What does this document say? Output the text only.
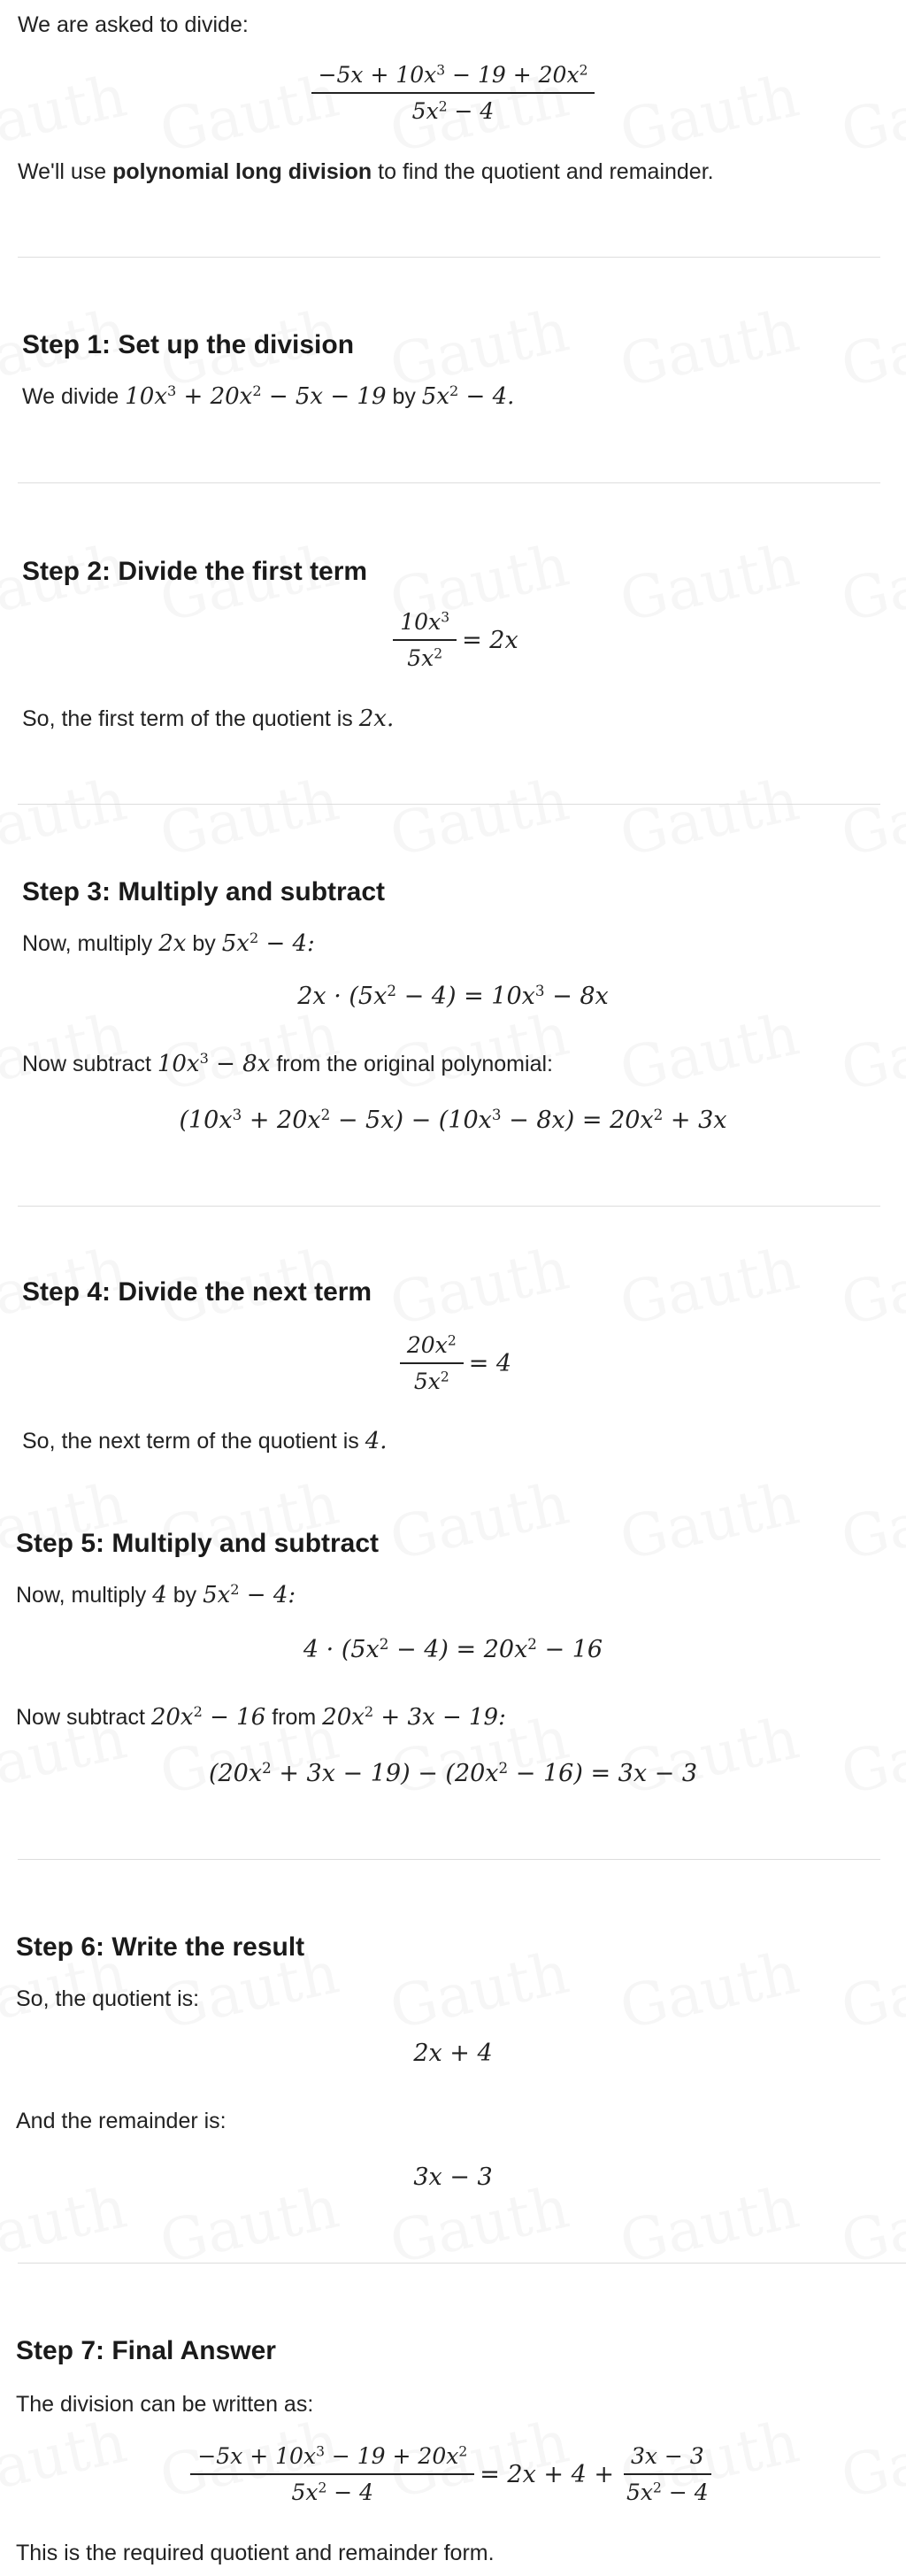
We are asked to divide:
$\frac{-5x + 10x^3 - 19 + 20x^2}{5x^2 - 4}$
We'll use polynomial long division to find the quotient and remainder.
Step 1: Set up the division
We divide $10x^3 + 20x^2 - 5x - 19$ by $5x^2 - 4$.
Step 2: Divide the first term
$\frac{10x^3}{5x^2} = 2x$
So, the first term of the quotient is 2x.
Step 3: Multiply and subtract
Now, multiply 2x by $5x^2 - 4$:
$2x \cdot (5x^2 - 4) = 10x^3 - 8x$
Now subtract $10x^3 - 8x$ from the original polynomial:
$(10x^3 + 20x^2 - 5x) - (10x^3 - 8x) = 20x^2 + 3x$
Step 4: Divide the next term
$\frac{20x^2}{5x^2} = 4$
So, the next term of the quotient is 4.
Step 5: Multiply and subtract
Now, multiply 4 by $5x^2 - 4$:
$4 \cdot (5x^2 - 4) = 20x^2 - 16$
Now subtract $20x^2 - 16$ from $20x^2 + 3x - 19$:
$(20x^2 + 3x - 19) - (20x^2 - 16) = 3x - 3$
Step 6: Write the result
So, the quotient is:
2x + 4
And the remainder is:
3x − 3
Step 7: Final Answer
The division can be written as:
$\frac{-5x + 10x^3 - 19 + 20x^2}{5x^2 - 4} = 2x + 4 + \frac{3x - 3}{5x^2 - 4}$
This is the required quotient and remainder form.
